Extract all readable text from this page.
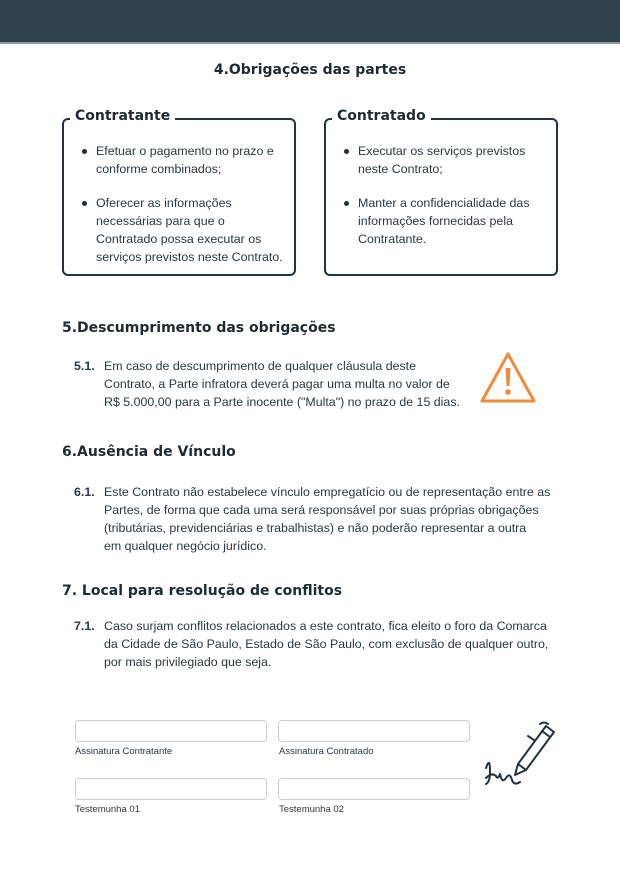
4.Obrigações das partes
Contratante
Efetuar o pagamento no prazo e conforme combinados;
Oferecer as informações necessárias para que o Contratado possa executar os serviços previstos neste Contrato.
Contratado
Executar os serviços previstos neste Contrato;
Manter a confidencialidade das informações fornecidas pela Contratante.
5.Descumprimento das obrigações
5.1. Em caso de descumprimento de qualquer cláusula deste
Contrato, a Parte infratora deverá pagar uma multa no valor de
R$ 5.000,00 para a Parte inocente ("Multa") no prazo de 15 dias.
6.Ausência de Vínculo
6.1. Este Contrato não estabelece vínculo empregatício ou de representação entre as
Partes, de forma que cada uma será responsável por suas próprias obrigações
(tributárias, previdenciárias e trabalhistas) e não poderão representar a outra
em qualquer negócio jurídico.
7. Local para resolução de conflitos
7.1. Caso surjam conflitos relacionados a este contrato, fica eleito o foro da Comarca
da Cidade de São Paulo, Estado de São Paulo, com exclusão de qualquer outro,
por mais privilegiado que seja.
Assinatura Contratante	Assinatura Contratado
Testemunha 01	Testemunha 02
